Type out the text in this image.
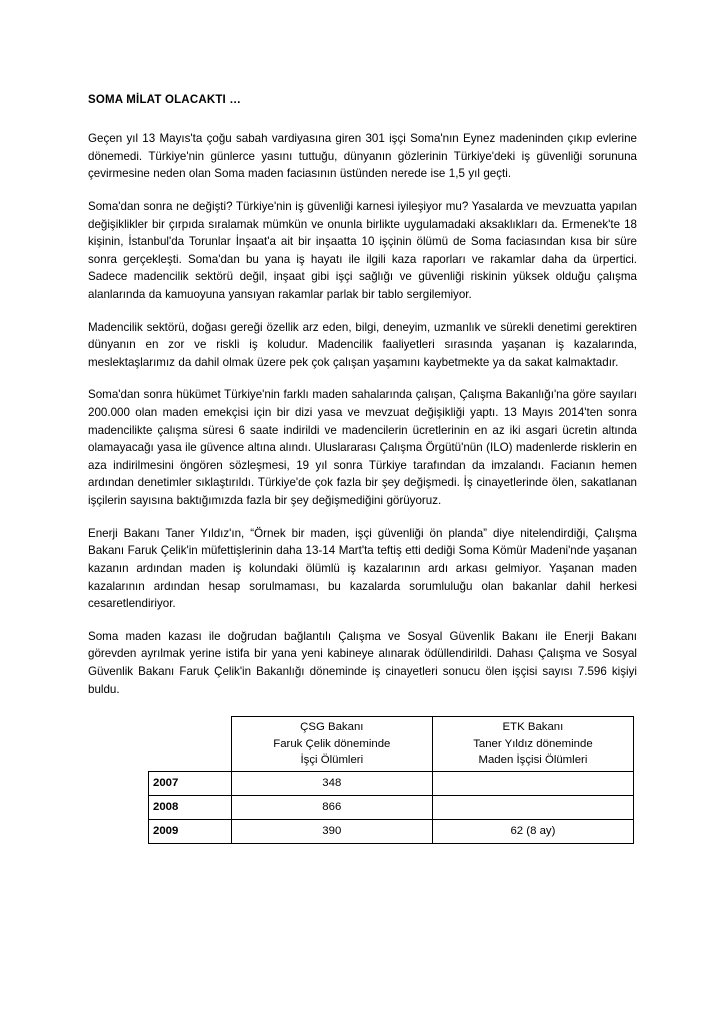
SOMA MİLAT OLACAKTI …

Geçen yıl 13 Mayıs'ta çoğu sabah vardiyasına giren 301 işçi Soma'nın Eynez madeninden çıkıp evlerine dönemedi. Türkiye'nin günlerce yasını tuttuğu, dünyanın gözlerinin Türkiye'deki iş güvenliği sorununa çevirmesine neden olan Soma maden faciasının üstünden nerede ise 1,5 yıl geçti.

Soma'dan sonra ne değişti? Türkiye'nin iş güvenliği karnesi iyileşiyor mu? Yasalarda ve mevzuatta yapılan değişiklikler bir çırpıda sıralamak mümkün ve onunla birlikte uygulamadaki aksaklıkları da. Ermenek'te 18 kişinin, İstanbul'da Torunlar İnşaat'a ait bir inşaatta 10 işçinin ölümü de Soma faciasından kısa bir süre sonra gerçekleşti. Soma'dan bu yana iş hayatı ile ilgili kaza raporları ve rakamlar daha da ürpertici. Sadece madencilik sektörü değil, inşaat gibi işçi sağlığı ve güvenliği riskinin yüksek olduğu çalışma alanlarında da kamuoyuna yansıyan rakamlar parlak bir tablo sergilemiyor.

Madencilik sektörü, doğası gereği özellik arz eden, bilgi, deneyim, uzmanlık ve sürekli denetimi gerektiren dünyanın en zor ve riskli iş koludur. Madencilik faaliyetleri sırasında yaşanan iş kazalarında, meslektaşlarımız da dahil olmak üzere pek çok çalışan yaşamını kaybetmekte ya da sakat kalmaktadır.

Soma'dan sonra hükümet Türkiye'nin farklı maden sahalarında çalışan, Çalışma Bakanlığı'na göre sayıları 200.000 olan maden emekçisi için bir dizi yasa ve mevzuat değişikliği yaptı. 13 Mayıs 2014'ten sonra madencilikte çalışma süresi 6 saate indirildi ve madencilerin ücretlerinin en az iki asgari ücretin altında olamayacağı yasa ile güvence altına alındı. Uluslararası Çalışma Örgütü'nün (ILO) madenlerde risklerin en aza indirilmesini öngören sözleşmesi, 19 yıl sonra Türkiye tarafından da imzalandı. Facianın hemen ardından denetimler sıklaştırıldı. Türkiye'de çok fazla bir şey değişmedi. İş cinayetlerinde ölen, sakatlanan işçilerin sayısına baktığımızda fazla bir şey değişmediğini görüyoruz.

Enerji Bakanı Taner Yıldız'ın, “Örnek bir maden, işçi güvenliği ön planda” diye nitelendirdiği, Çalışma Bakanı Faruk Çelik'in müfettişlerinin daha 13-14 Mart'ta teftiş etti dediği Soma Kömür Madeni'nde yaşanan kazanın ardından maden iş kolundaki ölümlü iş kazalarının ardı arkası gelmiyor. Yaşanan maden kazalarının ardından hesap sorulmaması, bu kazalarda sorumluluğu olan bakanlar dahil herkesi cesaretlendiriyor.

Soma maden kazası ile doğrudan bağlantılı Çalışma ve Sosyal Güvenlik Bakanı ile Enerji Bakanı görevden ayrılmak yerine istifa bir yana yeni kabineye alınarak ödüllendirildi. Dahası Çalışma ve Sosyal Güvenlik Bakanı Faruk Çelik'in Bakanlığı döneminde iş cinayetleri sonucu ölen işçisi sayısı 7.596 kişiyi buldu.

ÇSG Bakanı
Faruk Çelik döneminde
İşçi Ölümleri

ETK Bakanı
Taner Yıldız döneminde
Maden İşçisi Ölümleri

2007	348	
2008	866	
2009	390	62 (8 ay)
